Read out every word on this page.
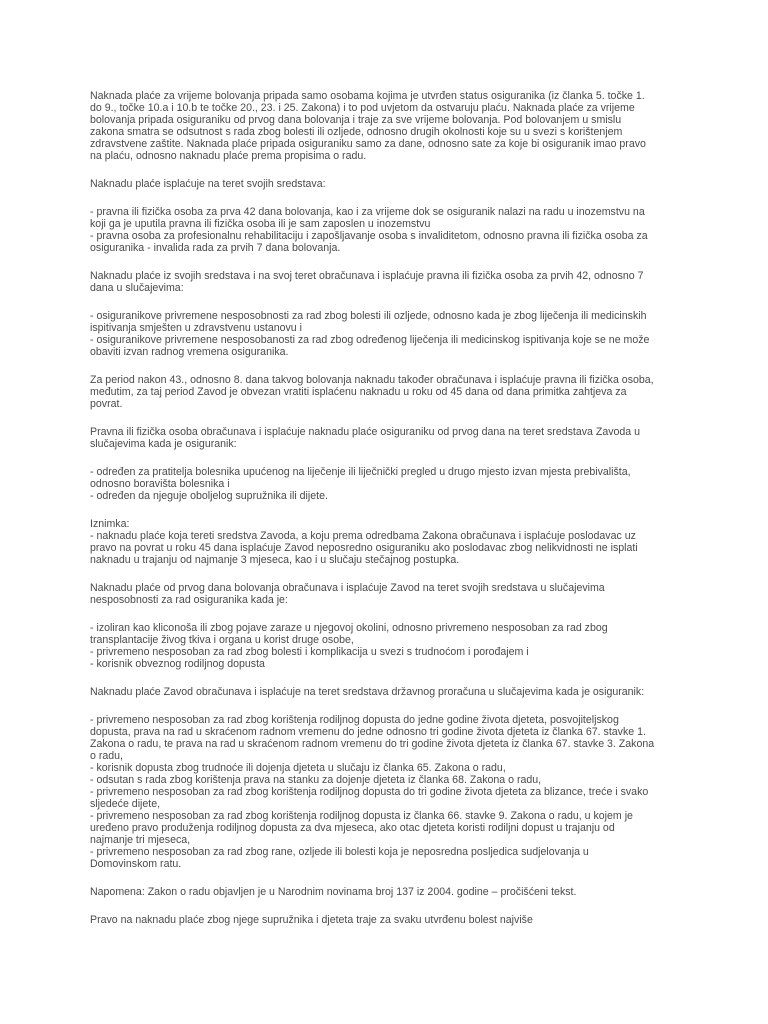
Naknada plaće za vrijeme bolovanja pripada samo osobama kojima je utvrđen status osiguranika (iz članka 5. točke 1.
do 9., točke 10.a i 10.b te točke 20., 23. i 25. Zakona) i to pod uvjetom da ostvaruju plaću. Naknada plaće za vrijeme
bolovanja pripada osiguraniku od prvog dana bolovanja i traje za sve vrijeme bolovanja. Pod bolovanjem u smislu
zakona smatra se odsutnost s rada zbog bolesti ili ozljede, odnosno drugih okolnosti koje su u svezi s korištenjem
zdravstvene zaštite. Naknada plaće pripada osiguraniku samo za dane, odnosno sate za koje bi osiguranik imao pravo
na plaću, odnosno naknadu plaće prema propisima o radu.

Naknadu plaće isplaćuje na teret svojih sredstava:

- pravna ili fizička osoba za prva 42 dana bolovanja, kao i za vrijeme dok se osiguranik nalazi na radu u inozemstvu na
koji ga je uputila pravna ili fizička osoba ili je sam zaposlen u inozemstvu
- pravna osoba za profesionalnu rehabilitaciju i zapošljavanje osoba s invaliditetom, odnosno pravna ili fizička osoba za
osiguranika - invalida rada za prvih 7 dana bolovanja.

Naknadu plaće iz svojih sredstava i na svoj teret obračunava i isplaćuje pravna ili fizička osoba za prvih 42, odnosno 7
dana u slučajevima:

- osiguranikove privremene nesposobnosti za rad zbog bolesti ili ozljede, odnosno kada je zbog liječenja ili medicinskih
ispitivanja smješten u zdravstvenu ustanovu i
- osiguranikove privremene nesposobanosti za rad zbog određenog liječenja ili medicinskog ispitivanja koje se ne može
obaviti izvan radnog vremena osiguranika.

Za period nakon 43., odnosno 8. dana takvog bolovanja naknadu također obračunava i isplaćuje pravna ili fizička osoba,
međutim, za taj period Zavod je obvezan vratiti isplaćenu naknadu u roku od 45 dana od dana primitka zahtjeva za
povrat.

Pravna ili fizička osoba obračunava i isplaćuje naknadu plaće osiguraniku od prvog dana na teret sredstava Zavoda u
slučajevima kada je osiguranik:

- određen za pratitelja bolesnika upućenog na liječenje ili liječnički pregled u drugo mjesto izvan mjesta prebivališta,
odnosno boravišta bolesnika i
- određen da njeguje oboljelog supružnika ili dijete.

Iznimka:
- naknadu plaće koja tereti sredstva Zavoda, a koju prema odredbama Zakona obračunava i isplaćuje poslodavac uz
pravo na povrat u roku 45 dana isplaćuje Zavod neposredno osiguraniku ako poslodavac zbog nelikvidnosti ne isplati
naknadu u trajanju od najmanje 3 mjeseca, kao i u slučaju stečajnog postupka.

Naknadu plaće od prvog dana bolovanja obračunava i isplaćuje Zavod na teret svojih sredstava u slučajevima
nesposobnosti za rad osiguranika kada je:

- izoliran kao kliconoša ili zbog pojave zaraze u njegovoj okolini, odnosno privremeno nesposoban za rad zbog
transplantacije živog tkiva i organa u korist druge osobe,
- privremeno nesposoban za rad zbog bolesti i komplikacija u svezi s trudnoćom i porođajem i
- korisnik obveznog rodiljnog dopusta

Naknadu plaće Zavod obračunava i isplaćuje na teret sredstava državnog proračuna u slučajevima kada je osiguranik:

- privremeno nesposoban za rad zbog korištenja rodiljnog dopusta do jedne godine života djeteta, posvojiteljskog
dopusta, prava na rad u skraćenom radnom vremenu do jedne odnosno tri godine života djeteta iz članka 67. stavke 1.
Zakona o radu, te prava na rad u skraćenom radnom vremenu do tri godine života djeteta iz članka 67. stavke 3. Zakona
o radu,
- korisnik dopusta zbog trudnoće ili dojenja djeteta u slučaju iz članka 65. Zakona o radu,
- odsutan s rada zbog korištenja prava na stanku za dojenje djeteta iz članka 68. Zakona o radu,
- privremeno nesposoban za rad zbog korištenja rodiljnog dopusta do tri godine života djeteta za blizance, treće i svako
sljedeće dijete,
- privremeno nesposoban za rad zbog korištenja rodiljnog dopusta iz članka 66. stavke 9. Zakona o radu, u kojem je
uređeno pravo produženja rodiljnog dopusta za dva mjeseca, ako otac djeteta koristi rodiljni dopust u trajanju od
najmanje tri mjeseca,
- privremeno nesposoban za rad zbog rane, ozljede ili bolesti koja je neposredna posljedica sudjelovanja u
Domovinskom ratu.

Napomena: Zakon o radu objavljen je u Narodnim novinama broj 137 iz 2004. godine – pročišćeni tekst.

Pravo na naknadu plaće zbog njege supružnika i djeteta traje za svaku utvrđenu bolest najviše
